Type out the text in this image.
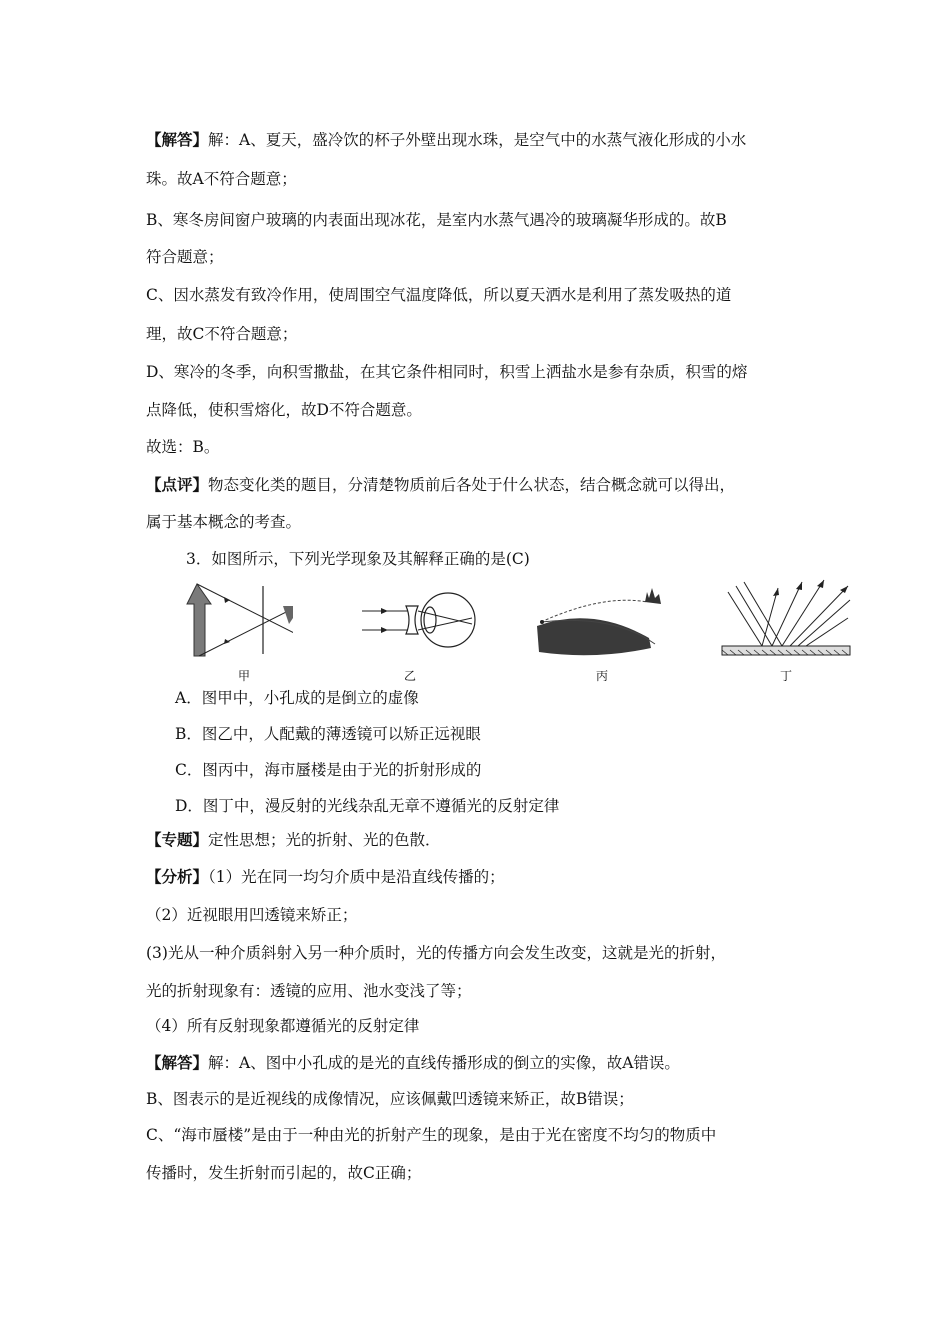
【解答】解：A、夏天，盛冷饮的杯子外壁出现水珠，是空气中的水蒸气液化形成的小水
珠。故A不符合题意；
B、寒冬房间窗户玻璃的内表面出现冰花，是室内水蒸气遇冷的玻璃凝华形成的。故B
符合题意；
C、因水蒸发有致冷作用，使周围空气温度降低，所以夏天洒水是利用了蒸发吸热的道
理，故C不符合题意；
D、寒冷的冬季，向积雪撒盐，在其它条件相同时，积雪上洒盐水是参有杂质，积雪的熔
点降低，使积雪熔化，故D不符合题意。
故选：B。
【点评】物态变化类的题目，分清楚物质前后各处于什么状态，结合概念就可以得出，
属于基本概念的考查。
3．如图所示，下列光学现象及其解释正确的是(C)
甲	乙	丙	丁
A．图甲中，小孔成的是倒立的虚像
B．图乙中，人配戴的薄透镜可以矫正远视眼
C．图丙中，海市蜃楼是由于光的折射形成的
D．图丁中，漫反射的光线杂乱无章不遵循光的反射定律
【专题】定性思想；光的折射、光的色散．
【分析】（1）光在同一均匀介质中是沿直线传播的；
（2）近视眼用凹透镜来矫正；
(3)光从一种介质斜射入另一种介质时，光的传播方向会发生改变，这就是光的折射，
光的折射现象有：透镜的应用、池水变浅了等；
（4）所有反射现象都遵循光的反射定律
【解答】解：A、图中小孔成的是光的直线传播形成的倒立的实像，故A错误。
B、图表示的是近视线的成像情况，应该佩戴凹透镜来矫正，故B错误；
C、“海市蜃楼”是由于一种由光的折射产生的现象，是由于光在密度不均匀的物质中
传播时，发生折射而引起的，故C正确；
